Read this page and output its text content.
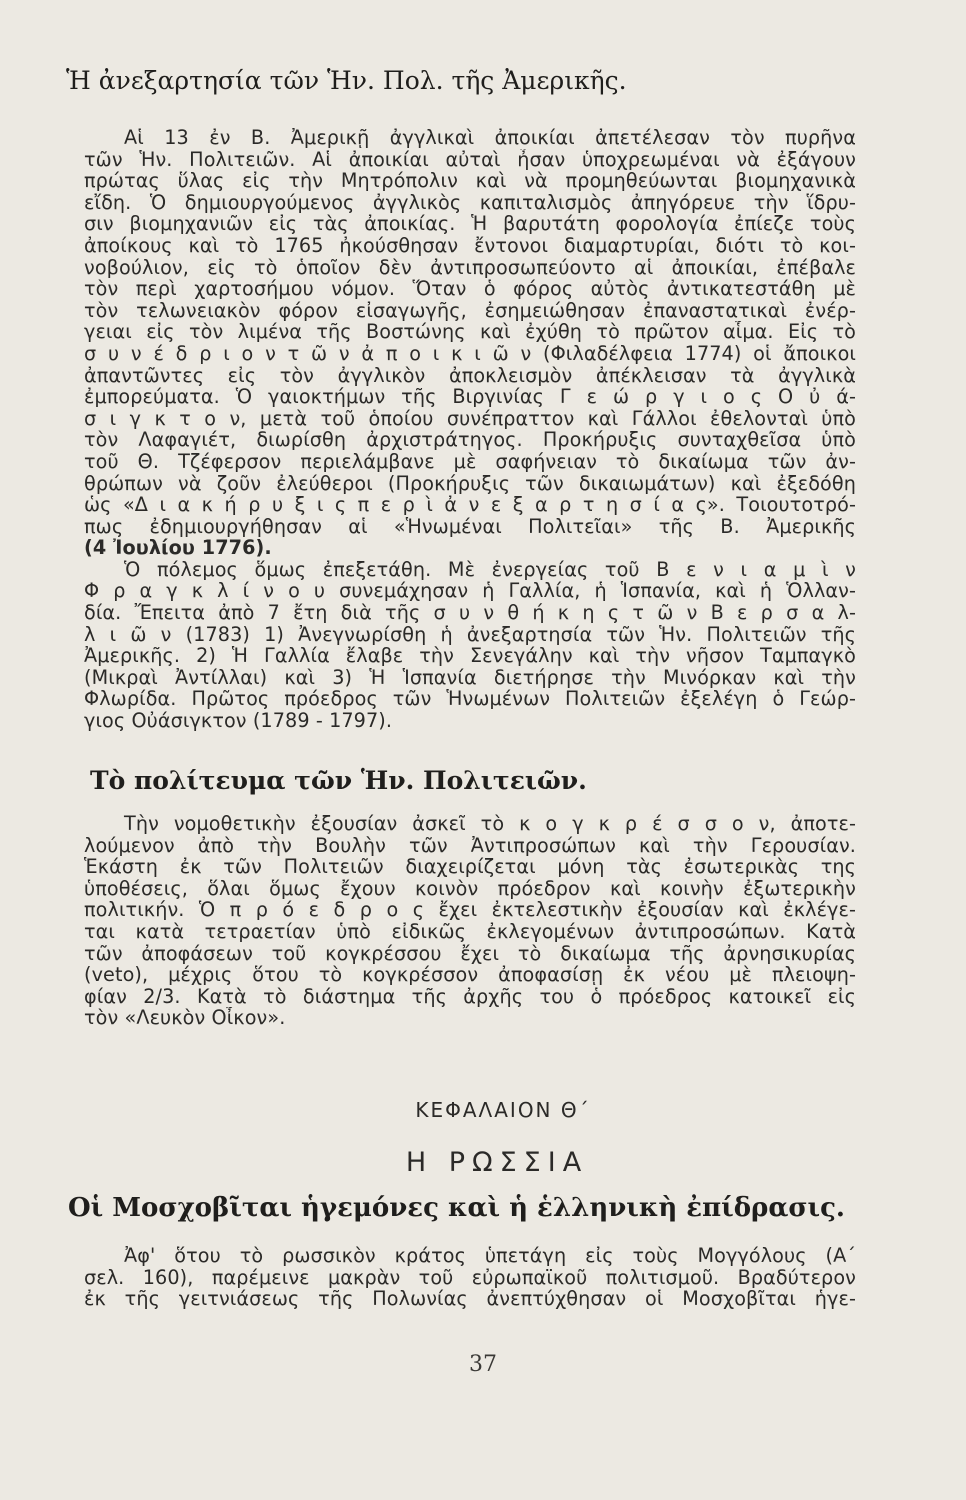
Ἡ ἀνεξαρτησία τῶν Ἡν. Πολ. τῆς Ἀμερικῆς.
Αἱ 13 ἐν Β. Ἀμερικῇ ἀγγλικαὶ ἀποικίαι ἀπετέλεσαν τὸν πυρῆνα
τῶν Ἡν. Πολιτειῶν. Αἱ ἀποικίαι αὐταὶ ἦσαν ὑποχρεωμέναι νὰ ἐξάγουν
πρώτας ὕλας εἰς τὴν Μητρόπολιν καὶ νὰ προμηθεύωνται βιομηχανικὰ
εἴδη. Ὁ δημιουργούμενος ἀγγλικὸς καπιταλισμὸς ἀπηγόρευε τὴν ἵδρυ-
σιν βιομηχανιῶν εἰς τὰς ἀποικίας. Ἡ βαρυτάτη φορολογία ἐπίεζε τοὺς
ἀποίκους καὶ τὸ 1765 ἠκούσθησαν ἔντονοι διαμαρτυρίαι, διότι τὸ κοι-
νοβούλιον, εἰς τὸ ὁποῖον δὲν ἀντιπροσωπεύοντο αἱ ἀποικίαι, ἐπέβαλε
τὸν περὶ χαρτοσήμου νόμον. Ὅταν ὁ φόρος αὐτὸς ἀντικατεστάθη μὲ
τὸν τελωνειακὸν φόρον εἰσαγωγῆς, ἐσημειώθησαν ἐπαναστατικαὶ ἐνέρ-
γειαι εἰς τὸν λιμένα τῆς Βοστώνης καὶ ἐχύθη τὸ πρῶτον αἷμα. Εἰς τὸ
σ υ ν έ δ ρ ι ο ν τ ῶ ν ἀ π ο ι κ ι ῶ ν (Φιλαδέλφεια 1774) οἱ ἄποικοι
ἀπαντῶντες εἰς τὸν ἀγγλικὸν ἀποκλεισμὸν ἀπέκλεισαν τὰ ἀγγλικὰ
ἐμπορεύματα. Ὁ γαιοκτήμων τῆς Βιργινίας Γ ε ώ ρ γ ι ο ς Ο ὐ ά-
σ ι γ κ τ ο ν, μετὰ τοῦ ὁποίου συνέπραττον καὶ Γάλλοι ἐθελονταὶ ὑπὸ
τὸν Λαφαγιέτ, διωρίσθη ἀρχιστράτηγος. Προκήρυξις συνταχθεῖσα ὑπὸ
τοῦ Θ. Τζέφερσον περιελάμβανε μὲ σαφήνειαν τὸ δικαίωμα τῶν ἀν-
θρώπων νὰ ζοῦν ἐλεύθεροι (Προκήρυξις τῶν δικαιωμάτων) καὶ ἐξεδόθη
ὡς «Δ ι α κ ή ρ υ ξ ι ς π ε ρ ὶ ἀ ν ε ξ α ρ τ η σ ί α ς». Τοιουτοτρό-
πως ἐδημιουργήθησαν αἱ «Ἡνωμέναι Πολιτεῖαι» τῆς Β. Ἀμερικῆς
(4 Ἰουλίου 1776).
Ὁ πόλεμος ὅμως ἐπεξετάθη. Μὲ ἐνεργείας τοῦ Β ε ν ι α μ ὶ ν
Φ ρ α γ κ λ ί ν ο υ συνεμάχησαν ἡ Γαλλία, ἡ Ἱσπανία, καὶ ἡ Ὁλλαν-
δία. Ἔπειτα ἀπὸ 7 ἔτη διὰ τῆς σ υ ν θ ή κ η ς τ ῶ ν Β ε ρ σ α λ-
λ ι ῶ ν (1783) 1) Ἀνεγνωρίσθη ἡ ἀνεξαρτησία τῶν Ἡν. Πολιτειῶν τῆς
Ἀμερικῆς. 2) Ἡ Γαλλία ἔλαβε τὴν Σενεγάλην καὶ τὴν νῆσον Ταμπαγκὸ
(Μικραὶ Ἀντίλλαι) καὶ 3) Ἡ Ἱσπανία διετήρησε τὴν Μινόρκαν καὶ τὴν
Φλωρίδα. Πρῶτος πρόεδρος τῶν Ἡνωμένων Πολιτειῶν ἐξελέγη ὁ Γεώρ-
γιος Οὐάσιγκτον (1789 - 1797).
Τὸ πολίτευμα τῶν Ἡν. Πολιτειῶν.
Τὴν νομοθετικὴν ἐξουσίαν ἀσκεῖ τὸ κ ο γ κ ρ έ σ σ ο ν, ἀποτε-
λούμενον ἀπὸ τὴν Βουλὴν τῶν Ἀντιπροσώπων καὶ τὴν Γερουσίαν.
Ἑκάστη ἐκ τῶν Πολιτειῶν διαχειρίζεται μόνη τὰς ἐσωτερικὰς της
ὑποθέσεις, ὅλαι ὅμως ἔχουν κοινὸν πρόεδρον καὶ κοινὴν ἐξωτερικὴν
πολιτικήν. Ὁ π ρ ό ε δ ρ ο ς ἔχει ἐκτελεστικὴν ἐξουσίαν καὶ ἐκλέγε-
ται κατὰ τετραετίαν ὑπὸ εἰδικῶς ἐκλεγομένων ἀντιπροσώπων. Κατὰ
τῶν ἀποφάσεων τοῦ κογκρέσσου ἔχει τὸ δικαίωμα τῆς ἀρνησικυρίας
(veto), μέχρις ὅτου τὸ κογκρέσσον ἀποφασίσῃ ἐκ νέου μὲ πλειοψη-
φίαν 2/3. Κατὰ τὸ διάστημα τῆς ἀρχῆς του ὁ πρόεδρος κατοικεῖ εἰς
τὸν «Λευκὸν Οἶκον».

ΚΕΦΑΛΑΙΟΝ Θ΄

Η ΡΩΣΣΙΑ

Οἱ Μοσχοβῖται ἡγεμόνες καὶ ἡ ἑλληνικὴ ἐπίδρασις.
Ἀφ' ὅτου τὸ ρωσσικὸν κράτος ὑπετάγη εἰς τοὺς Μογγόλους (Α΄
σελ. 160), παρέμεινε μακρὰν τοῦ εὐρωπαϊκοῦ πολιτισμοῦ. Βραδύτερον
ἐκ τῆς γειτνιάσεως τῆς Πολωνίας ἀνεπτύχθησαν οἱ Μοσχοβῖται ἡγε-

37
